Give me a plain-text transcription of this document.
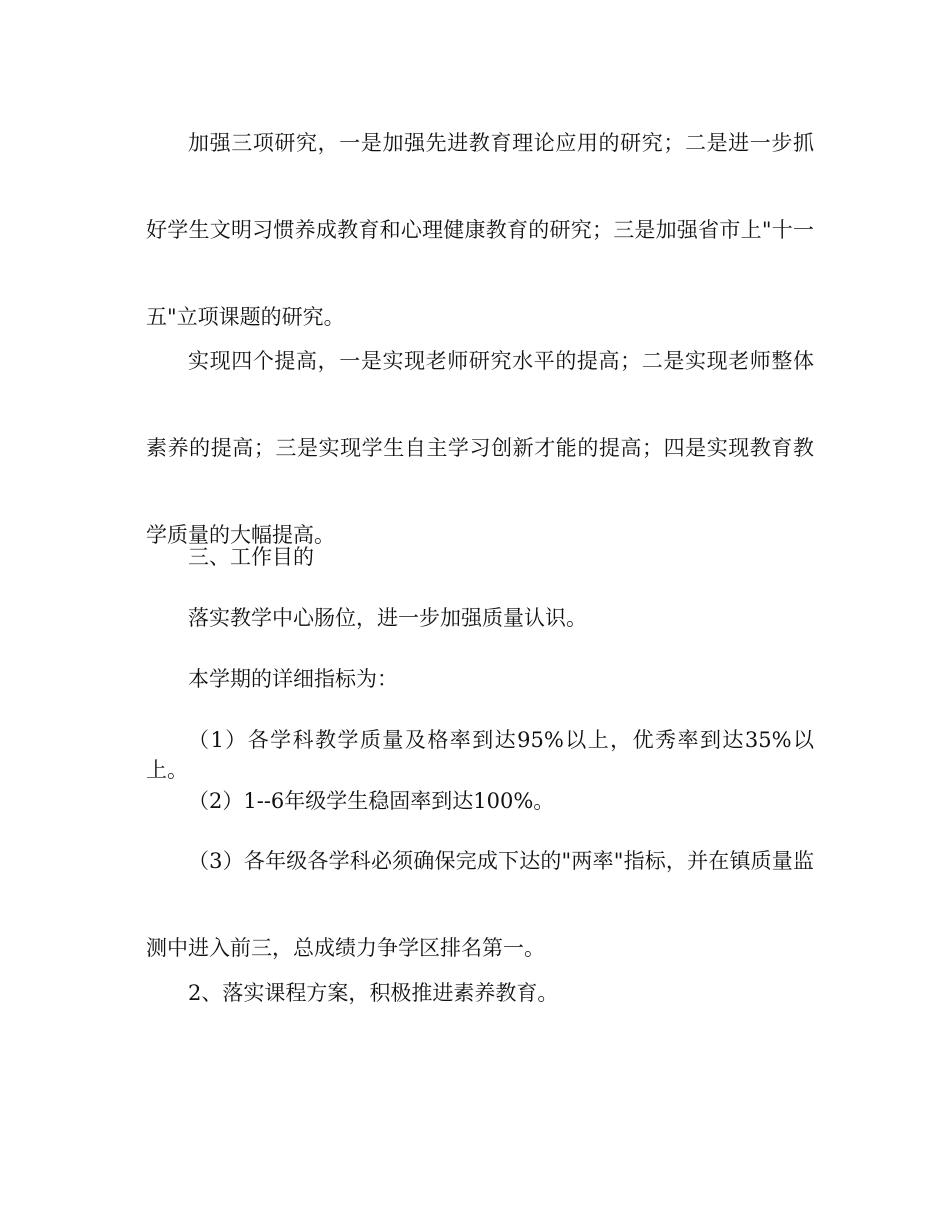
加强三项研究，一是加强先进教育理论应用的研究；二是进一步抓好学生文明习惯养成教育和心理健康教育的研究；三是加强省市上"十一五"立项课题的研究。

实现四个提高，一是实现老师研究水平的提高；二是实现老师整体素养的提高；三是实现学生自主学习创新才能的提高；四是实现教育教学质量的大幅提高。

三、工作目的

落实教学中心肠位，进一步加强质量认识。

本学期的详细指标为：

（1）各学科教学质量及格率到达95%以上，优秀率到达35%以上。

（2）1--6年级学生稳固率到达100%。

（3）各年级各学科必须确保完成下达的"两率"指标，并在镇质量监测中进入前三，总成绩力争学区排名第一。

2、落实课程方案，积极推进素养教育。
